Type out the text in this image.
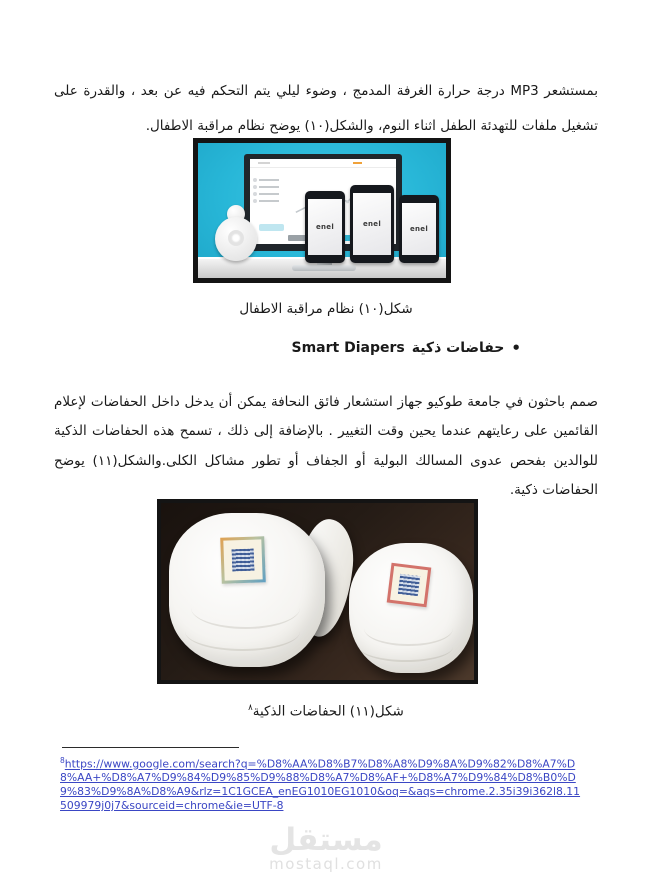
بمستشعر MP3 درجة حرارة الغرفة المدمج ، وضوء ليلي يتم التحكم فيه عن بعد ، والقدرة على تشغيل ملفات للتهدئة الطفل اثناء النوم، والشكل(١٠) يوضح نظام مراقبة الاطفال.

enel	enel
enel
شكل(١٠) نظام مراقبة الاطفال
•
حفاضات ذكية
Smart Diapers

صمم باحثون في جامعة طوكيو جهاز استشعار فائق النحافة يمكن أن يدخل داخل الحفاضات لإعلام القائمين على رعايتهم عندما يحين وقت التغيير . بالإضافة إلى ذلك ، تسمح هذه الحفاضات الذكية للوالدين بفحص عدوى المسالك البولية أو الجفاف أو تطور مشاكل الكلى.والشكل(١١) يوضح الحفاضات ذكية.

شكل(١١) الحفاضات الذكية$^٨$
$^8$https://www.google.com/search?q=%D8%AA%D8%B7%D8%A8%D9%8A%D9%82%D8%A7%D8%AA+%D8%A7%D9%84%D9%85%D9%88%D8%A7%D8%AF+%D8%A7%D9%84%D8%B0%D9%83%D9%8A%D8%A9&rlz=1C1GCEA_enEG1010EG1010&oq=&aqs=chrome.2.35i39i362l8.11509979j0j7&sourceid=chrome&ie=UTF-8
مستقل
mostaql.com
